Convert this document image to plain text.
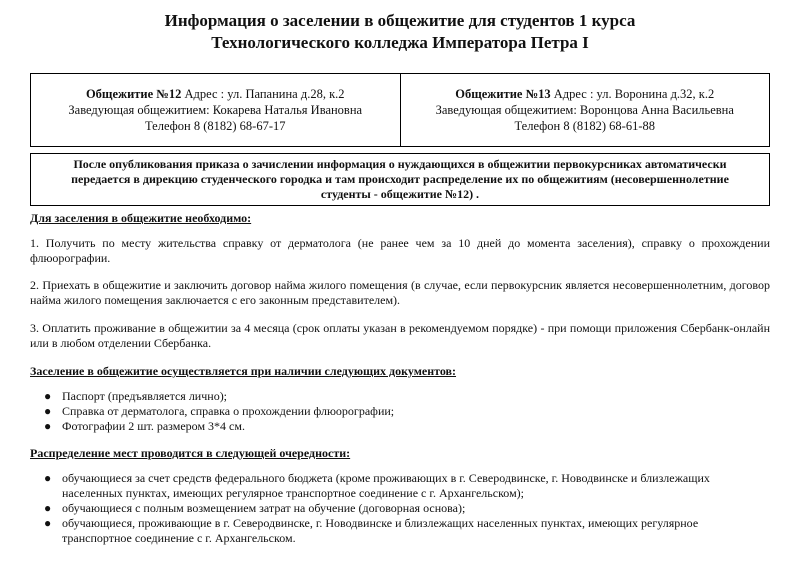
Информация о заселении в общежитие для студентов 1 курса
Технологического колледжа Императора Петра I
Общежитие №12 Адрес : ул. Папанина д.28, к.2
Заведующая общежитием: Кокарева Наталья Ивановна
Телефон 8 (8182) 68-67-17
Общежитие №13 Адрес : ул. Воронина д.32, к.2
Заведующая общежитием: Воронцова Анна Васильевна
Телефон 8 (8182) 68-61-88
После опубликования приказа о зачислении информация о нуждающихся в общежитии первокурсниках автоматически передается в дирекцию студенческого городка и там происходит распределение их по общежитиям (несовершеннолетние студенты - общежитие №12) .
Для заселения в общежитие необходимо:
1. Получить по месту жительства справку от дерматолога (не ранее чем за 10 дней до момента заселения), справку о прохождении флюорографии.
2. Приехать в общежитие и заключить договор найма жилого помещения (в случае, если первокурсник является несовершеннолетним, договор найма жилого помещения заключается с его законным представителем).
3. Оплатить проживание в общежитии за 4 месяца (срок оплаты указан в рекомендуемом порядке) - при помощи приложения Сбербанк-онлайн или в любом отделении Сбербанка.
Заселение в общежитие осуществляется при наличии следующих документов:
● Паспорт (предъявляется лично);
● Справка от дерматолога, справка о прохождении флюорографии;
● Фотографии 2 шт. размером 3*4 см.
Распределение мест проводится в следующей очередности:
● обучающиеся за счет средств федерального бюджета (кроме проживающих в г. Северодвинске, г. Новодвинске и близлежащих населенных пунктах, имеющих регулярное транспортное соединение с г. Архангельском);
● обучающиеся с полным возмещением затрат на обучение (договорная основа);
● обучающиеся, проживающие в г. Северодвинске, г. Новодвинске и близлежащих населенных пунктах, имеющих регулярное транспортное соединение с г. Архангельском.
